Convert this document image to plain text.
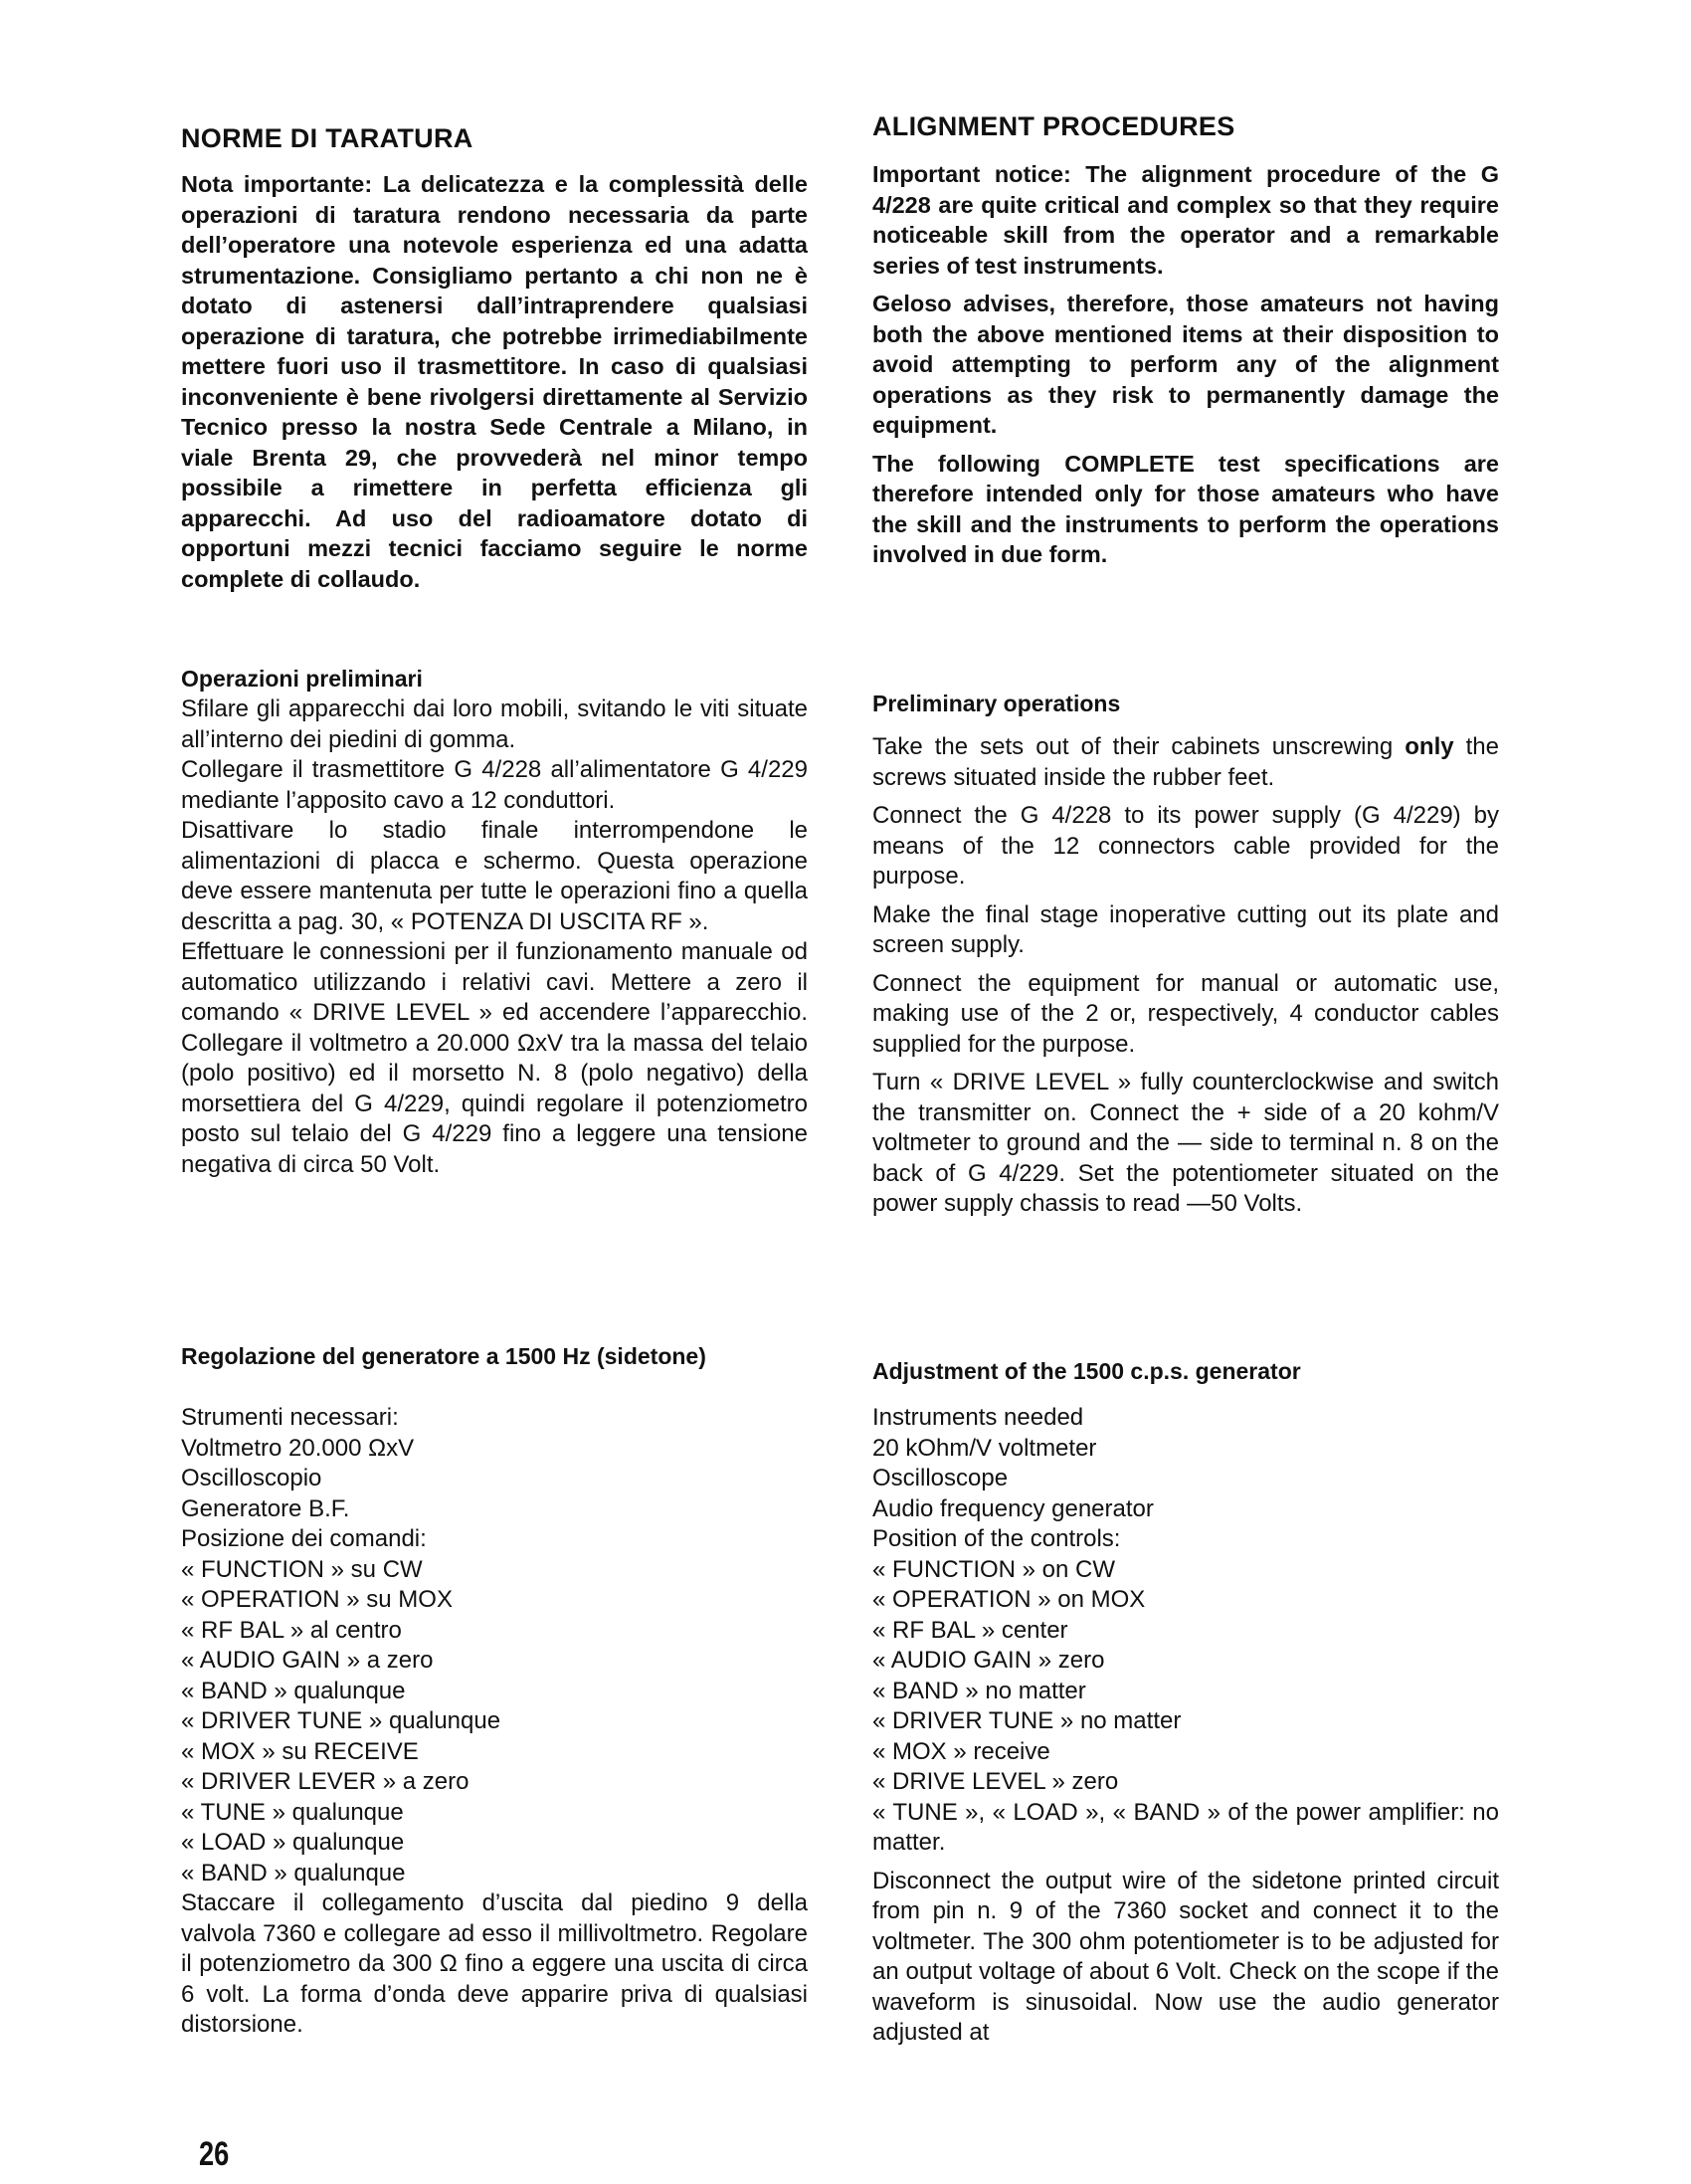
NORME DI TARATURA

Nota importante: La delicatezza e la complessità delle operazioni di taratura rendono necessaria da parte dell’operatore una notevole esperienza ed una adatta strumentazione. Consigliamo pertanto a chi non ne è dotato di astenersi dall’intraprendere qualsiasi operazione di taratura, che potrebbe irrimediabilmente mettere fuori uso il trasmettitore. In caso di qualsiasi inconveniente è bene rivolgersi direttamente al Servizio Tecnico presso la nostra Sede Centrale a Milano, in viale Brenta 29, che provvederà nel minor tempo possibile a rimettere in perfetta efficienza gli apparecchi. Ad uso del radioamatore dotato di opportuni mezzi tecnici facciamo seguire le norme complete di collaudo.

Operazioni preliminari

Sfilare gli apparecchi dai loro mobili, svitando le viti situate all’interno dei piedini di gomma.

Collegare il trasmettitore G 4/228 all’alimentatore G 4/229 mediante l’apposito cavo a 12 conduttori.

Disattivare lo stadio finale interrompendone le alimentazioni di placca e schermo. Questa operazione deve essere mantenuta per tutte le operazioni fino a quella descritta a pag. 30, « POTENZA DI USCITA RF ».

Effettuare le connessioni per il funzionamento manuale od automatico utilizzando i relativi cavi. Mettere a zero il comando « DRIVE LEVEL » ed accendere l’apparecchio. Collegare il voltmetro a 20.000 ΩxV tra la massa del telaio (polo positivo) ed il morsetto N. 8 (polo negativo) della morsettiera del G 4/229, quindi regolare il potenziometro posto sul telaio del G 4/229 fino a leggere una tensione negativa di circa 50 Volt.

Regolazione del generatore a 1500 Hz (sidetone)
Strumenti necessari:
Voltmetro 20.000 ΩxV
Oscilloscopio
Generatore B.F.
Posizione dei comandi:
« FUNCTION » su CW
« OPERATION » su MOX
« RF BAL » al centro
« AUDIO GAIN » a zero
« BAND » qualunque
« DRIVER TUNE » qualunque
« MOX » su RECEIVE
« DRIVER LEVER » a zero
« TUNE » qualunque
« LOAD » qualunque
« BAND » qualunque

Staccare il collegamento d’uscita dal piedino 9 della valvola 7360 e collegare ad esso il millivoltmetro. Regolare il potenziometro da 300 Ω fino a eggere una uscita di circa 6 volt. La forma d’onda deve apparire priva di qualsiasi distorsione.

ALIGNMENT PROCEDURES

Important notice: The alignment procedure of the G 4/228 are quite critical and complex so that they require noticeable skill from the operator and a remarkable series of test instruments.

Geloso advises, therefore, those amateurs not having both the above mentioned items at their disposition to avoid attempting to perform any of the alignment operations as they risk to permanently damage the equipment.

The following COMPLETE test specifications are therefore intended only for those amateurs who have the skill and the instruments to perform the operations involved in due form.

Preliminary operations

Take the sets out of their cabinets unscrewing only the screws situated inside the rubber feet.

Connect the G 4/228 to its power supply (G 4/229) by means of the 12 connectors cable provided for the purpose.

Make the final stage inoperative cutting out its plate and screen supply.

Connect the equipment for manual or automatic use, making use of the 2 or, respectively, 4 conductor cables supplied for the purpose.

Turn « DRIVE LEVEL » fully counterclockwise and switch the transmitter on. Connect the + side of a 20 kohm/V voltmeter to ground and the — side to terminal n. 8 on the back of G 4/229. Set the potentiometer situated on the power supply chassis to read —50 Volts.

Adjustment of the 1500 c.p.s. generator
Instruments needed
20 kOhm/V voltmeter
Oscilloscope
Audio frequency generator
Position of the controls:
« FUNCTION » on CW
« OPERATION » on MOX
« RF BAL » center
« AUDIO GAIN » zero
« BAND » no matter
« DRIVER TUNE » no matter
« MOX » receive
« DRIVE LEVEL » zero
« TUNE », « LOAD », « BAND » of the power amplifier: no matter.

Disconnect the output wire of the sidetone printed circuit from pin n. 9 of the 7360 socket and connect it to the voltmeter. The 300 ohm potentiometer is to be adjusted for an output voltage of about 6 Volt. Check on the scope if the waveform is sinusoidal. Now use the audio generator adjusted at

26
